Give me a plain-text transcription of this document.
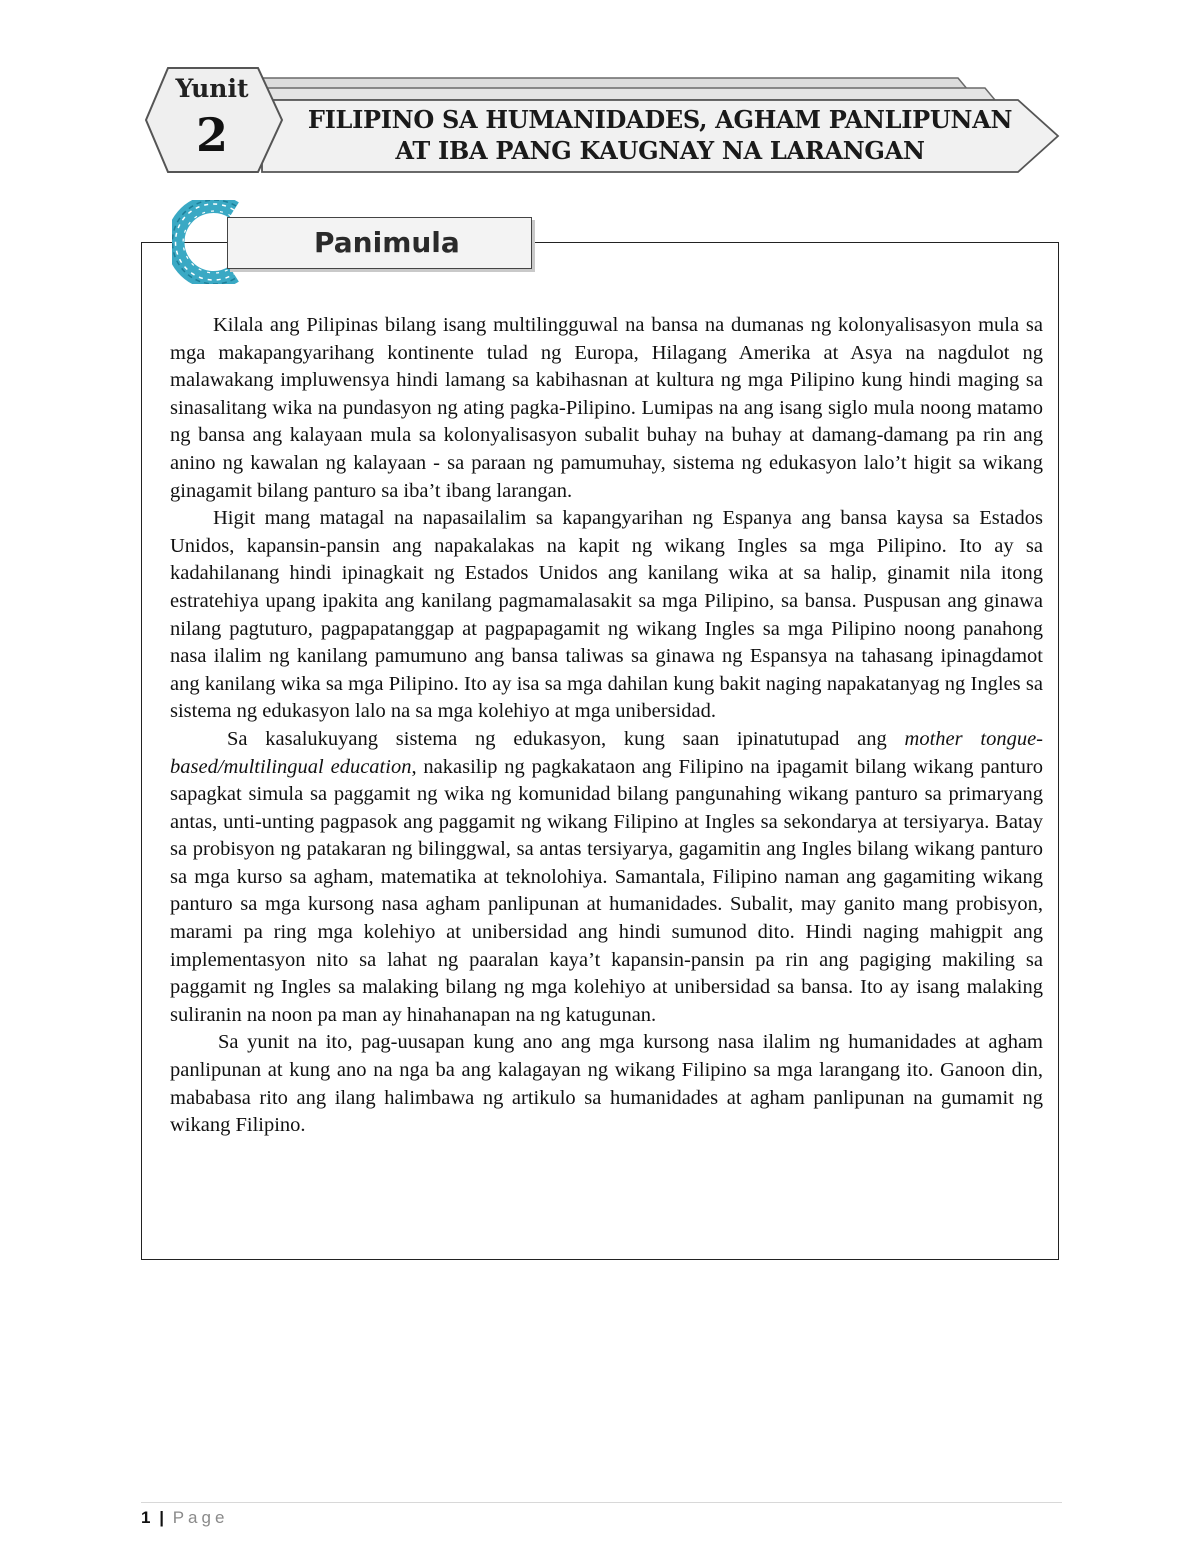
Yunit
2	FILIPINO SA HUMANIDADES, AGHAM PANLIPUNAN
AT IBA PANG KAUGNAY NA LARANGAN
Panimula

Kilala ang Pilipinas bilang isang multilingguwal na bansa na dumanas ng kolonyalisasyon mula sa mga makapangyarihang kontinente tulad ng Europa, Hilagang Amerika at Asya na nagdulot ng malawakang impluwensya hindi lamang sa kabihasnan at kultura ng mga Pilipino kung hindi maging sa sinasalitang wika na pundasyon ng ating pagka-Pilipino. Lumipas na ang isang siglo mula noong matamo ng bansa ang kalayaan mula sa kolonyalisasyon subalit buhay na buhay at damang-damang pa rin ang anino ng kawalan ng kalayaan - sa paraan ng pamumuhay, sistema ng edukasyon lalo’t higit sa wikang ginagamit bilang panturo sa iba’t ibang larangan.

Higit mang matagal na napasailalim sa kapangyarihan ng Espanya ang bansa kaysa sa Estados Unidos, kapansin-pansin ang napakalakas na kapit ng wikang Ingles sa mga Pilipino. Ito ay sa kadahilanang hindi ipinagkait ng Estados Unidos ang kanilang wika at sa halip, ginamit nila itong estratehiya upang ipakita ang kanilang pagmamalasakit sa mga Pilipino, sa bansa. Puspusan ang ginawa nilang pagtuturo, pagpapatanggap at pagpapagamit ng wikang Ingles sa mga Pilipino noong panahong nasa ilalim ng kanilang pamumuno ang bansa taliwas sa ginawa ng Espansya na tahasang ipinagdamot ang kanilang wika sa mga Pilipino. Ito ay isa sa mga dahilan kung bakit naging napakatanyag ng Ingles sa sistema ng edukasyon lalo na sa mga kolehiyo at mga unibersidad.

Sa kasalukuyang sistema ng edukasyon, kung saan ipinatutupad ang mother tongue-based/multilingual education, nakasilip ng pagkakataon ang Filipino na ipagamit bilang wikang panturo sapagkat simula sa paggamit ng wika ng komunidad bilang pangunahing wikang panturo sa primaryang antas, unti-unting pagpasok ang paggamit ng wikang Filipino at Ingles sa sekondarya at tersiyarya. Batay sa probisyon ng patakaran ng bilinggwal, sa antas tersiyarya, gagamitin ang Ingles bilang wikang panturo sa mga kurso sa agham, matematika at teknolohiya. Samantala, Filipino naman ang gagamiting wikang panturo sa mga kursong nasa agham panlipunan at humanidades. Subalit, may ganito mang probisyon, marami pa ring mga kolehiyo at unibersidad ang hindi sumunod dito. Hindi naging mahigpit ang implementasyon nito sa lahat ng paaralan kaya’t kapansin-pansin pa rin ang pagiging makiling sa paggamit ng Ingles sa malaking bilang ng mga kolehiyo at unibersidad sa bansa. Ito ay isang malaking suliranin na noon pa man ay hinahanapan na ng katugunan.

Sa yunit na ito, pag-uusapan kung ano ang mga kursong nasa ilalim ng humanidades at agham panlipunan at kung ano na nga ba ang kalagayan ng wikang Filipino sa mga larangang ito. Ganoon din, mababasa rito ang ilang halimbawa ng artikulo sa humanidades at agham panlipunan na gumamit ng wikang Filipino.

1 | Page
